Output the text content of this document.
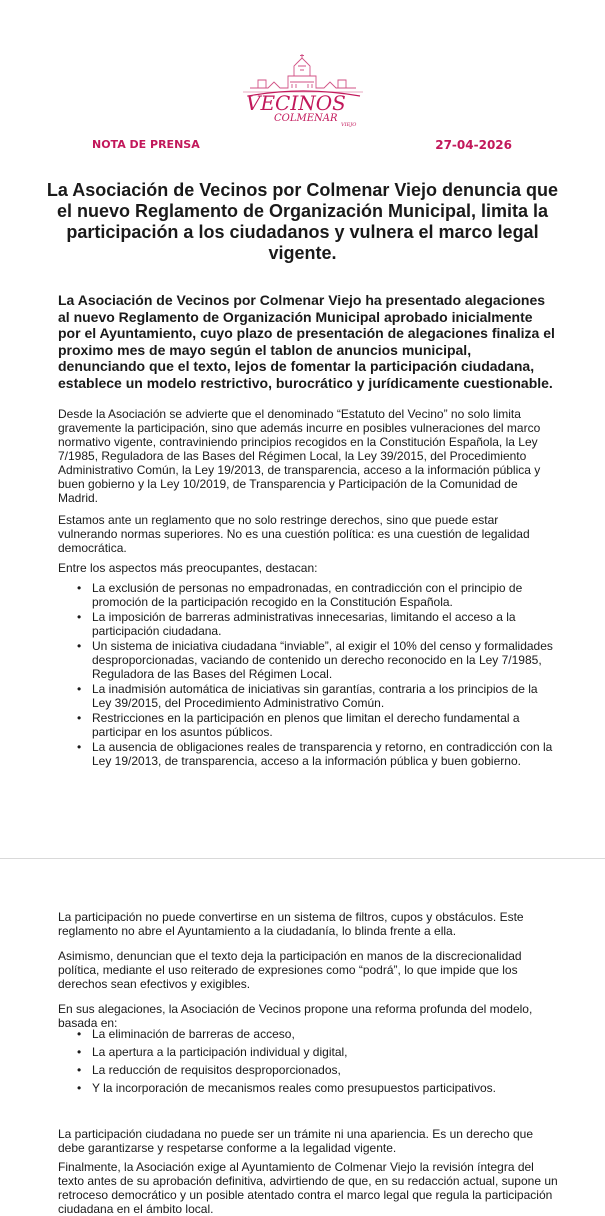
VECINOS
COLMENAR
VIEJO
NOTA DE PRENSA	27-04-2026
La Asociación de Vecinos por Colmenar Viejo denuncia que el nuevo Reglamento de Organización Municipal, limita la participación a los ciudadanos y vulnera el marco legal vigente.

La Asociación de Vecinos por Colmenar Viejo ha presentado alegaciones al nuevo Reglamento de Organización Municipal aprobado inicialmente por el Ayuntamiento, cuyo plazo de presentación de alegaciones finaliza el proximo mes de mayo según el tablon de anuncios municipal, denunciando que el texto, lejos de fomentar la participación ciudadana, establece un modelo restrictivo, burocrático y jurídicamente cuestionable.

Desde la Asociación se advierte que el denominado “Estatuto del Vecino” no solo limita gravemente la participación, sino que además incurre en posibles vulneraciones del marco normativo vigente, contraviniendo principios recogidos en la Constitución Española, la Ley 7/1985, Reguladora de las Bases del Régimen Local, la Ley 39/2015, del Procedimiento Administrativo Común, la Ley 19/2013, de transparencia, acceso a la información pública y buen gobierno y la Ley 10/2019, de Transparencia y Participación de la Comunidad de Madrid.

Estamos ante un reglamento que no solo restringe derechos, sino que puede estar vulnerando normas superiores. No es una cuestión política: es una cuestión de legalidad democrática.

Entre los aspectos más preocupantes, destacan:

• La exclusión de personas no empadronadas, en contradicción con el principio de promoción de la participación recogido en la Constitución Española.
• La imposición de barreras administrativas innecesarias, limitando el acceso a la participación ciudadana.
• Un sistema de iniciativa ciudadana “inviable”, al exigir el 10% del censo y formalidades desproporcionadas, vaciando de contenido un derecho reconocido en la Ley 7/1985, Reguladora de las Bases del Régimen Local.
• La inadmisión automática de iniciativas sin garantías, contraria a los principios de la Ley 39/2015, del Procedimiento Administrativo Común.
• Restricciones en la participación en plenos que limitan el derecho fundamental a participar en los asuntos públicos.
• La ausencia de obligaciones reales de transparencia y retorno, en contradicción con la Ley 19/2013, de transparencia, acceso a la información pública y buen gobierno.

La participación no puede convertirse en un sistema de filtros, cupos y obstáculos. Este reglamento no abre el Ayuntamiento a la ciudadanía, lo blinda frente a ella.

Asimismo, denuncian que el texto deja la participación en manos de la discrecionalidad política, mediante el uso reiterado de expresiones como “podrá”, lo que impide que los derechos sean efectivos y exigibles.

En sus alegaciones, la Asociación de Vecinos propone una reforma profunda del modelo, basada en:

• La eliminación de barreras de acceso,
• La apertura a la participación individual y digital,
• La reducción de requisitos desproporcionados,
• Y la incorporación de mecanismos reales como presupuestos participativos.

La participación ciudadana no puede ser un trámite ni una apariencia. Es un derecho que debe garantizarse y respetarse conforme a la legalidad vigente.

Finalmente, la Asociación exige al Ayuntamiento de Colmenar Viejo la revisión íntegra del texto antes de su aprobación definitiva, advirtiendo de que, en su redacción actual, supone un retroceso democrático y un posible atentado contra el marco legal que regula la participación ciudadana en el ámbito local.
